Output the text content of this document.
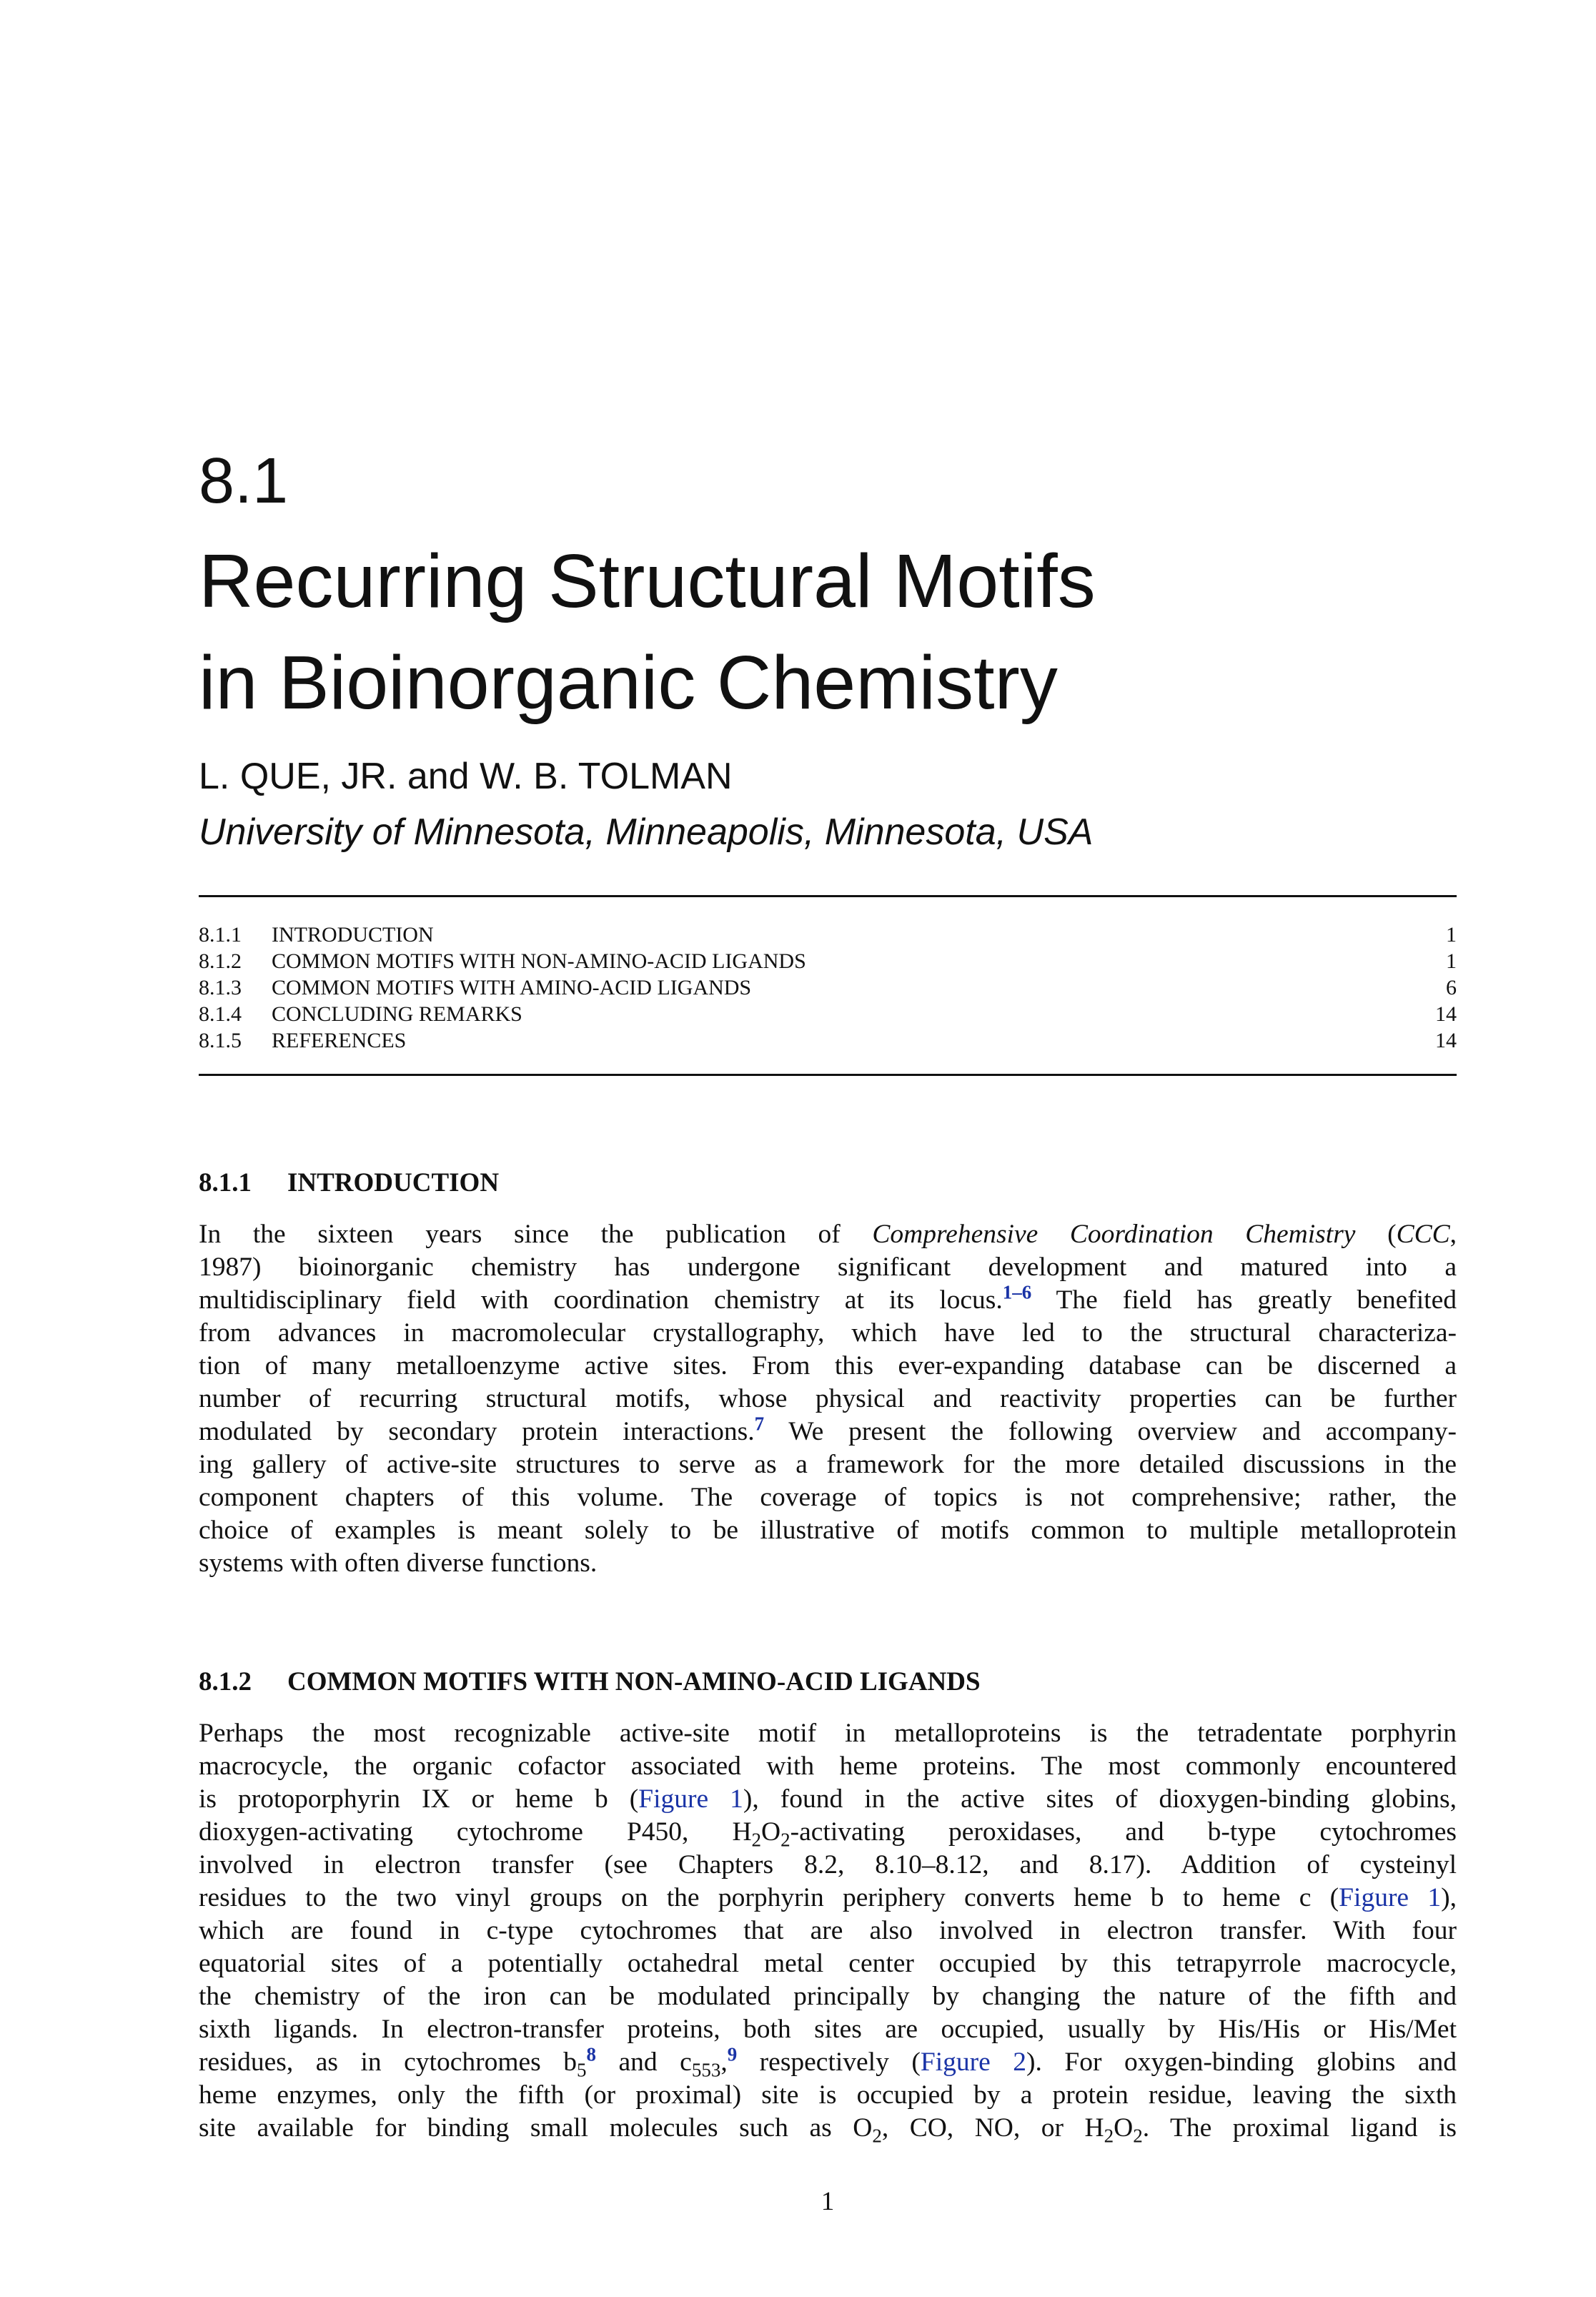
8.1
Recurring Structural Motifs
in Bioinorganic Chemistry
L. QUE, JR. and W. B. TOLMAN
University of Minnesota, Minneapolis, Minnesota, USA
8.1.1	INTRODUCTION	1
8.1.2	COMMON MOTIFS WITH NON-AMINO-ACID LIGANDS	1
8.1.3	COMMON MOTIFS WITH AMINO-ACID LIGANDS	6
8.1.4	CONCLUDING REMARKS	14
8.1.5	REFERENCES	14
8.1.1 INTRODUCTION
In the sixteen years since the publication of Comprehensive Coordination Chemistry (CCC,
1987) bioinorganic chemistry has undergone significant development and matured into a
multidisciplinary field with coordination chemistry at its locus.$^{1-6}$ The field has greatly benefited
from advances in macromolecular crystallography, which have led to the structural characteriza-
tion of many metalloenzyme active sites. From this ever-expanding database can be discerned a
number of recurring structural motifs, whose physical and reactivity properties can be further
modulated by secondary protein interactions.$^7$ We present the following overview and accompany-
ing gallery of active-site structures to serve as a framework for the more detailed discussions in the
component chapters of this volume. The coverage of topics is not comprehensive; rather, the
choice of examples is meant solely to be illustrative of motifs common to multiple metalloprotein
systems with often diverse functions.
8.1.2 COMMON MOTIFS WITH NON-AMINO-ACID LIGANDS
Perhaps the most recognizable active-site motif in metalloproteins is the tetradentate porphyrin
macrocycle, the organic cofactor associated with heme proteins. The most commonly encountered
is protoporphyrin IX or heme b (Figure 1), found in the active sites of dioxygen-binding globins,
dioxygen-activating cytochrome P450, $H_2O_2$-activating peroxidases, and b-type cytochromes
involved in electron transfer (see Chapters 8.2, 8.10–8.12, and 8.17). Addition of cysteinyl
residues to the two vinyl groups on the porphyrin periphery converts heme b to heme c (Figure 1),
which are found in c-type cytochromes that are also involved in electron transfer. With four
equatorial sites of a potentially octahedral metal center occupied by this tetrapyrrole macrocycle,
the chemistry of the iron can be modulated principally by changing the nature of the fifth and
sixth ligands. In electron-transfer proteins, both sites are occupied, usually by His/His or His/Met
residues, as in cytochromes $b_5^8$ and $c_{553},^9$ respectively (Figure 2). For oxygen-binding globins and
heme enzymes, only the fifth (or proximal) site is occupied by a protein residue, leaving the sixth
site available for binding small molecules such as $O_2$, CO, NO, or $H_2O_2$. The proximal ligand is
1
